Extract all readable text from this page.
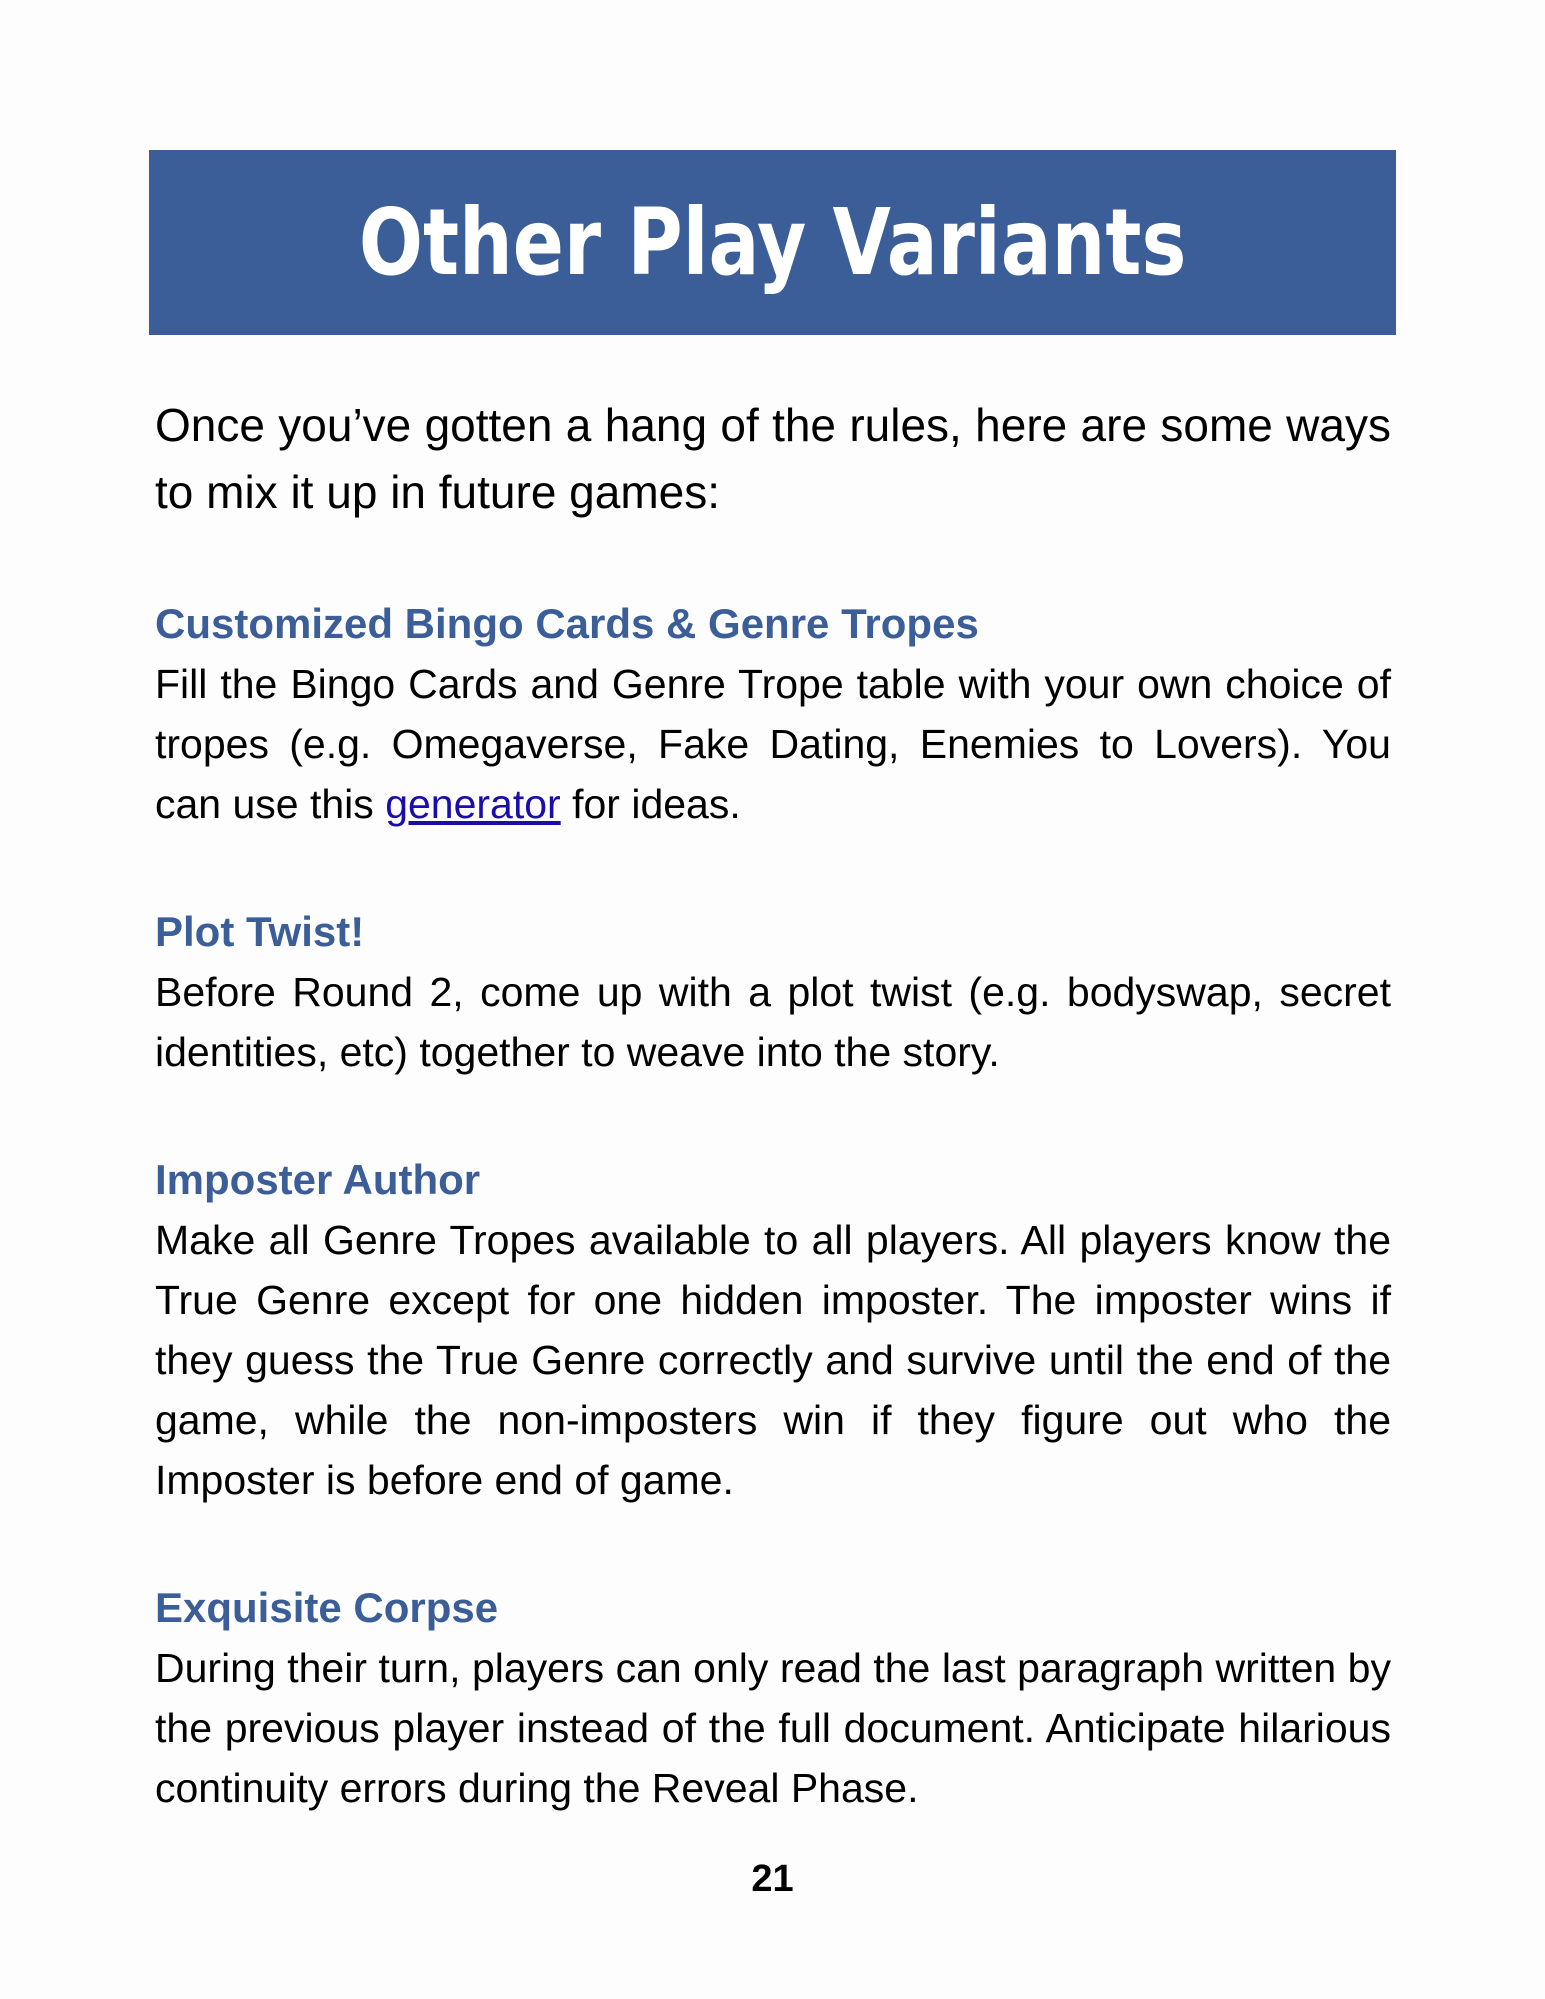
Other Play Variants

Once you’ve gotten a hang of the rules, here are some ways to mix it up in future games:

Customized Bingo Cards & Genre Tropes

Fill the Bingo Cards and Genre Trope table with your own choice of tropes (e.g. Omegaverse, Fake Dating, Enemies to Lovers). You can use this generator for ideas.

Plot Twist!

Before Round 2, come up with a plot twist (e.g. bodyswap, secret identities, etc) together to weave into the story.

Imposter Author

Make all Genre Tropes available to all players. All players know the True Genre except for one hidden imposter. The imposter wins if they guess the True Genre correctly and survive until the end of the game, while the non-imposters win if they figure out who the Imposter is before end of game.

Exquisite Corpse

During their turn, players can only read the last paragraph written by the previous player instead of the full document. Anticipate hilarious continuity errors during the Reveal Phase.

21
